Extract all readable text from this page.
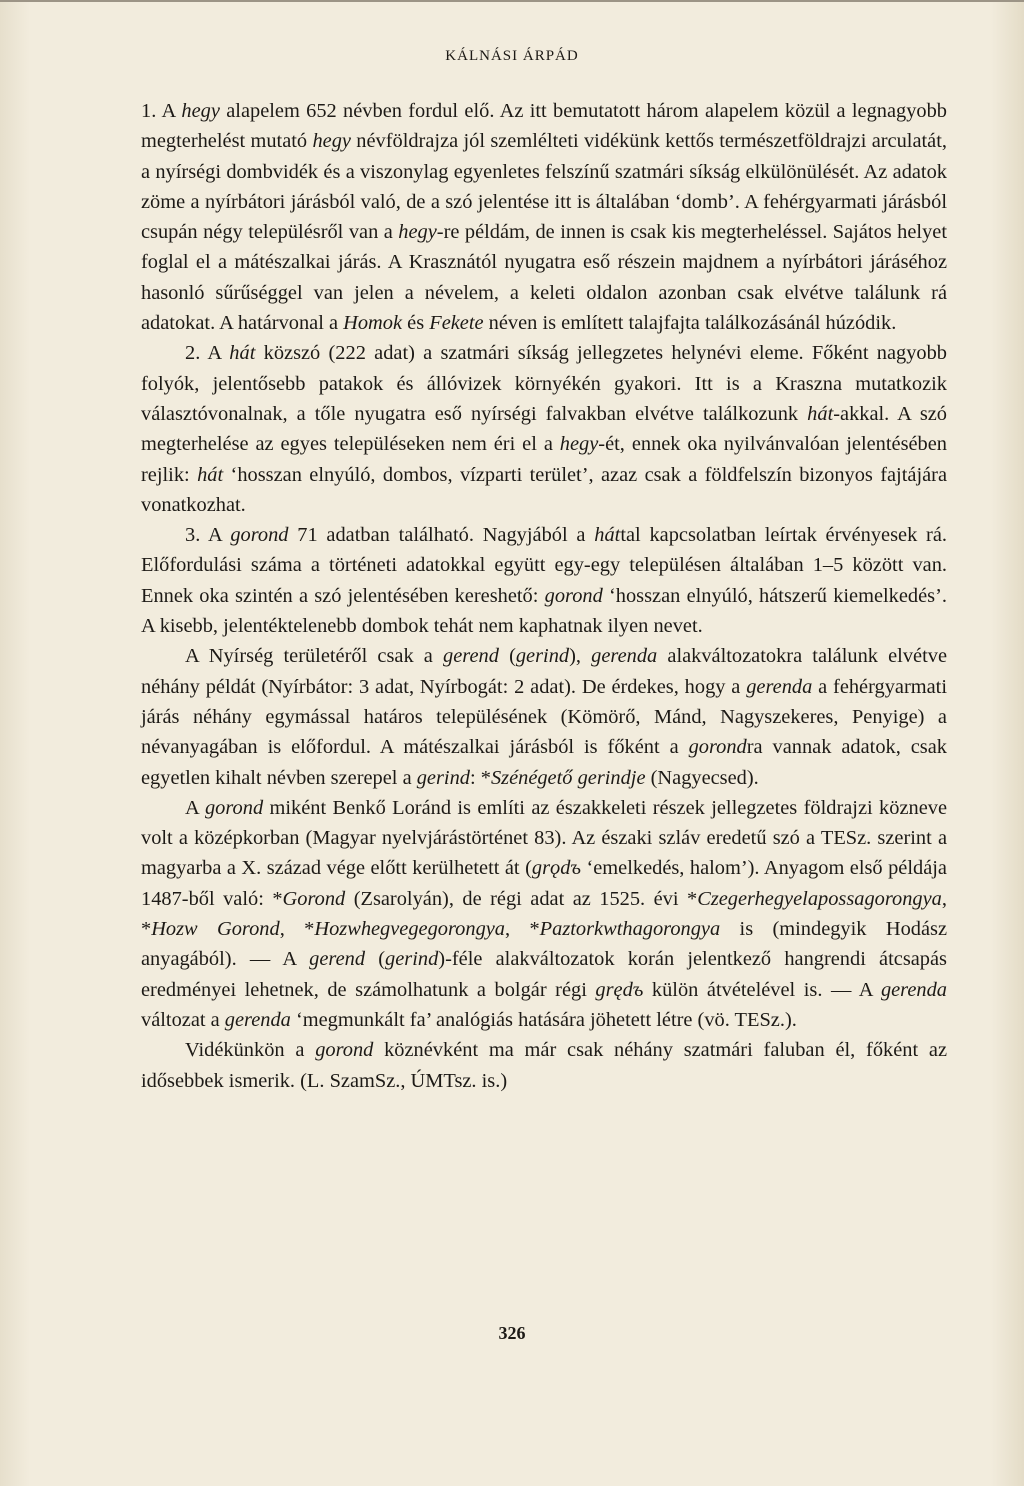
KÁLNÁSI ÁRPÁD

1. A hegy alapelem 652 névben fordul elő. Az itt bemutatott három alapelem közül a legnagyobb megterhelést mutató hegy névföldrajza jól szemlélteti vidékünk kettős természetföldrajzi arculatát, a nyírségi dombvidék és a viszonylag egyenletes felszínű szatmári síkság elkülönülését. Az adatok zöme a nyírbátori járásból való, de a szó jelentése itt is általában ‘domb’. A fehérgyarmati járásból csupán négy településről van a hegy-re példám, de innen is csak kis megterheléssel. Sajátos helyet foglal el a mátészalkai járás. A Krasznától nyugatra eső részein majdnem a nyírbátori járáséhoz hasonló sűrűséggel van jelen a névelem, a keleti oldalon azonban csak elvétve találunk rá adatokat. A határvonal a Homok és Fekete néven is említett talajfajta találkozásánál húzódik.

2. A hát közszó (222 adat) a szatmári síkság jellegzetes helynévi eleme. Főként nagyobb folyók, jelentősebb patakok és állóvizek környékén gyakori. Itt is a Kraszna mutatkozik választóvonalnak, a tőle nyugatra eső nyírségi falvakban elvétve találkozunk hát-akkal. A szó megterhelése az egyes településeken nem éri el a hegy-ét, ennek oka nyilvánvalóan jelentésében rejlik: hát ‘hosszan elnyúló, dombos, vízparti terület’, azaz csak a földfelszín bizonyos fajtájára vonatkozhat.

3. A gorond 71 adatban található. Nagyjából a háttal kapcsolatban leírtak érvényesek rá. Előfordulási száma a történeti adatokkal együtt egy-egy településen általában 1–5 között van. Ennek oka szintén a szó jelentésében kereshető: gorond ‘hosszan elnyúló, hátszerű kiemelkedés’. A kisebb, jelentéktelenebb dombok tehát nem kaphatnak ilyen nevet.

A Nyírség területéről csak a gerend (gerind), gerenda alakváltozatokra találunk elvétve néhány példát (Nyírbátor: 3 adat, Nyírbogát: 2 adat). De érdekes, hogy a gerenda a fehérgyarmati járás néhány egymással határos településének (Kömörő, Mánd, Nagyszekeres, Penyige) a névanyagában is előfordul. A mátészalkai járásból is főként a gorondra vannak adatok, csak egyetlen kihalt névben szerepel a gerind: *Szénégető gerindje (Nagyecsed).

A gorond miként Benkő Loránd is említi az északkeleti részek jellegzetes földrajzi közneve volt a középkorban (Magyar nyelvjárástörténet 83). Az északi szláv eredetű szó a TESz. szerint a magyarba a X. század vége előtt kerülhetett át (grǫdъ ‘emelkedés, halom’). Anyagom első példája 1487-ből való: *Gorond (Zsarolyán), de régi adat az 1525. évi *Czegerhegyelapossagorongya, *Hozw Gorond, *Hozwhegvegegorongya, *Paztorkwthagorongya is (mindegyik Hodász anyagából). — A gerend (gerind)-féle alakváltozatok korán jelentkező hangrendi átcsapás eredményei lehetnek, de számolhatunk a bolgár régi grędъ külön átvételével is. — A gerenda változat a gerenda ‘megmunkált fa’ analógiás hatására jöhetett létre (vö. TESz.).

Vidékünkön a gorond köznévként ma már csak néhány szatmári faluban él, főként az idősebbek ismerik. (L. SzamSz., ÚMTsz. is.)

326
